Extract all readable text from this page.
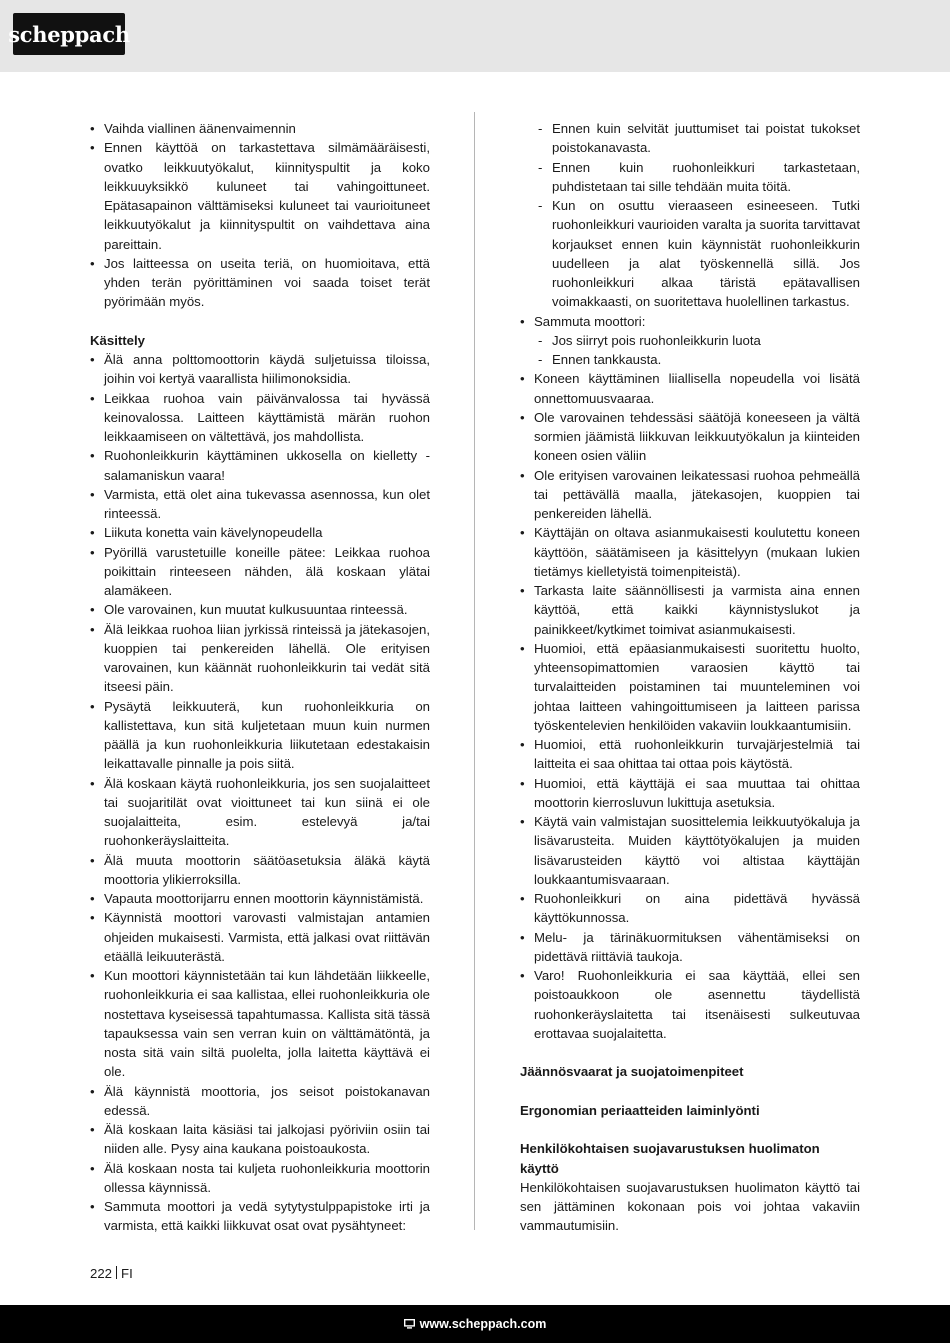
scheppach
• Vaihda viallinen äänenvaimennin
• Ennen käyttöä on tarkastettava silmämääräisesti, ovatko leikkuutyökalut, kiinnityspultit ja koko leikkuuyksikkö kuluneet tai vahingoittuneet. Epätasapainon välttämiseksi kuluneet tai vaurioituneet leikkuutyökalut ja kiinnityspultit on vaihdettava aina pareittain.
• Jos laitteessa on useita teriä, on huomioitava, että yhden terän pyörittäminen voi saada toiset terät pyörimään myös.

Käsittely

• Älä anna polttomoottorin käydä suljetuissa tiloissa, joihin voi kertyä vaarallista hiilimonoksidia.
• Leikkaa ruohoa vain päivänvalossa tai hyvässä keinovalossa. Laitteen käyttämistä märän ruohon leikkaamiseen on vältettävä, jos mahdollista.
• Ruohonleikkurin käyttäminen ukkosella on kielletty - salamaniskun vaara!
• Varmista, että olet aina tukevassa asennossa, kun olet rinteessä.
• Liikuta konetta vain kävelynopeudella
• Pyörillä varustetuille koneille pätee: Leikkaa ruohoa poikittain rinteeseen nähden, älä koskaan ylätai alamäkeen.
• Ole varovainen, kun muutat kulkusuuntaa rinteessä.
• Älä leikkaa ruohoa liian jyrkissä rinteissä ja jätekasojen, kuoppien tai penkereiden lähellä. Ole erityisen varovainen, kun käännät ruohonleikkurin tai vedät sitä itseesi päin.
• Pysäytä leikkuuterä, kun ruohonleikkuria on kallistettava, kun sitä kuljetetaan muun kuin nurmen päällä ja kun ruohonleikkuria liikutetaan edestakaisin leikattavalle pinnalle ja pois siitä.
• Älä koskaan käytä ruohonleikkuria, jos sen suojalaitteet tai suojaritilät ovat vioittuneet tai kun siinä ei ole suojalaitteita, esim. estelevyä ja/tai ruohonkeräyslaitteita.
• Älä muuta moottorin säätöasetuksia äläkä käytä moottoria ylikierroksilla.
• Vapauta moottorijarru ennen moottorin käynnistämistä.
• Käynnistä moottori varovasti valmistajan antamien ohjeiden mukaisesti. Varmista, että jalkasi ovat riittävän etäällä leikuuterästä.
• Kun moottori käynnistetään tai kun lähdetään liikkeelle, ruohonleikkuria ei saa kallistaa, ellei ruohonleikkuria ole nostettava kyseisessä tapahtumassa. Kallista sitä tässä tapauksessa vain sen verran kuin on välttämätöntä, ja nosta sitä vain siltä puolelta, jolla laitetta käyttävä ei ole.
• Älä käynnistä moottoria, jos seisot poistokanavan edessä.
• Älä koskaan laita käsiäsi tai jalkojasi pyöriviin osiin tai niiden alle. Pysy aina kaukana poistoaukosta.
• Älä koskaan nosta tai kuljeta ruohonleikkuria moottorin ollessa käynnissä.
• Sammuta moottori ja vedä sytytystulppapistoke irti ja varmista, että kaikki liikkuvat osat ovat pysähtyneet:
- Ennen kuin selvität juuttumiset tai poistat tukokset poistokanavasta.
- Ennen kuin ruohonleikkuri tarkastetaan, puhdistetaan tai sille tehdään muita töitä.
- Kun on osuttu vieraaseen esineeseen. Tutki ruohonleikkuri vaurioiden varalta ja suorita tarvittavat korjaukset ennen kuin käynnistät ruohonleikkurin uudelleen ja alat työskennellä sillä. Jos ruohonleikkuri alkaa täristä epätavallisen voimakkaasti, on suoritettava huolellinen tarkastus.
• Sammuta moottori:
- Jos siirryt pois ruohonleikkurin luota
- Ennen tankkausta.
• Koneen käyttäminen liiallisella nopeudella voi lisätä onnettomuusvaaraa.
• Ole varovainen tehdessäsi säätöjä koneeseen ja vältä sormien jäämistä liikkuvan leikkuutyökalun ja kiinteiden koneen osien väliin
• Ole erityisen varovainen leikatessasi ruohoa pehmeällä tai pettävällä maalla, jätekasojen, kuoppien tai penkereiden lähellä.
• Käyttäjän on oltava asianmukaisesti koulutettu koneen käyttöön, säätämiseen ja käsittelyyn (mukaan lukien tietämys kielletyistä toimenpiteistä).
• Tarkasta laite säännöllisesti ja varmista aina ennen käyttöä, että kaikki käynnistyslukot ja painikkeet/kytkimet toimivat asianmukaisesti.
• Huomioi, että epäasianmukaisesti suoritettu huolto, yhteensopimattomien varaosien käyttö tai turvalaitteiden poistaminen tai muunteleminen voi johtaa laitteen vahingoittumiseen ja laitteen parissa työskentelevien henkilöiden vakaviin loukkaantumisiin.
• Huomioi, että ruohonleikkurin turvajärjestelmiä tai laitteita ei saa ohittaa tai ottaa pois käytöstä.
• Huomioi, että käyttäjä ei saa muuttaa tai ohittaa moottorin kierrosluvun lukittuja asetuksia.
• Käytä vain valmistajan suosittelemia leikkuutyökaluja ja lisävarusteita. Muiden käyttötyökalujen ja muiden lisävarusteiden käyttö voi altistaa käyttäjän loukkaantumisvaaraan.
• Ruohonleikkuri on aina pidettävä hyvässä käyttökunnossa.
• Melu- ja tärinäkuormituksen vähentämiseksi on pidettävä riittäviä taukoja.
• Varo! Ruohonleikkuria ei saa käyttää, ellei sen poistoaukkoon ole asennettu täydellistä ruohonkeräyslaitetta tai itsenäisesti sulkeutuvaa erottavaa suojalaitetta.

Jäännösvaarat ja suojatoimenpiteet

Ergonomian periaatteiden laiminlyönti

Henkilökohtaisen suojavarustuksen huolimaton käyttö

Henkilökohtaisen suojavarustuksen huolimaton käyttö tai sen jättäminen kokonaan pois voi johtaa vakaviin vammautumisiin.

222 FI
www.scheppach.com
